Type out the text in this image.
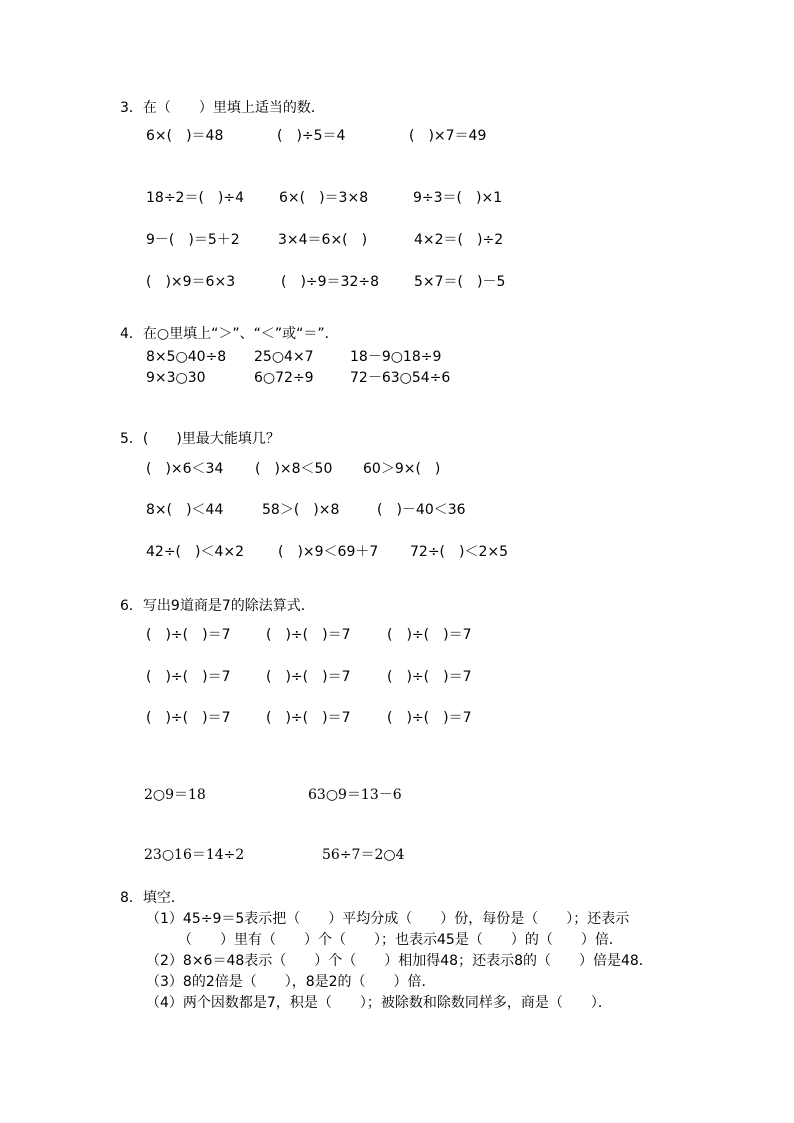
3．在（　　）里填上适当的数．
6×(　)＝48	(　)÷5＝4	(　)×7＝49
18÷2＝(　)÷4 6×(　)＝3×8	9÷3＝(　)×1
9－(　)＝5＋2	3×4＝6×(　)	4×2＝(　)÷2
(　)×9＝6×3	(　)÷9＝32÷8 5×7＝(　)－5
4．在○里填上“＞”、“＜”或“＝”．
8×5○40÷8 25○4×7	18－9○18÷9
9×3○30	6○72÷9	72－63○54÷6
5．(　　)里最大能填几？
(　)×6＜34 (　)×8＜50 60＞9×(　)
8×(　)＜44	58＞(　)×8	(　)－40＜36
42÷(　)＜4×2 (　)×9＜69＋7 72÷(　)＜2×5
6．写出9道商是7的除法算式．
(　)÷(　)＝7	(　)÷(　)＝7	(　)÷(　)＝7
(　)÷(　)＝7	(　)÷(　)＝7	(　)÷(　)＝7
(　)÷(　)＝7	(　)÷(　)＝7	(　)÷(　)＝7
2○9＝18	63○9＝13－6
23○16＝14÷2	56÷7＝2○4
8．填空．
（1）45÷9＝5表示把（　　）平均分成（　　）份，每份是（　　）；还表示
（　　）里有（　　）个（　　）；也表示45是（　　）的（　　）倍．
（2）8×6＝48表示（　　）个（　　）相加得48；还表示8的（　　）倍是48．
（3）8的2倍是（　　），8是2的（　　）倍．
（4）两个因数都是7，积是（　　）；被除数和除数同样多，商是（　　）．
